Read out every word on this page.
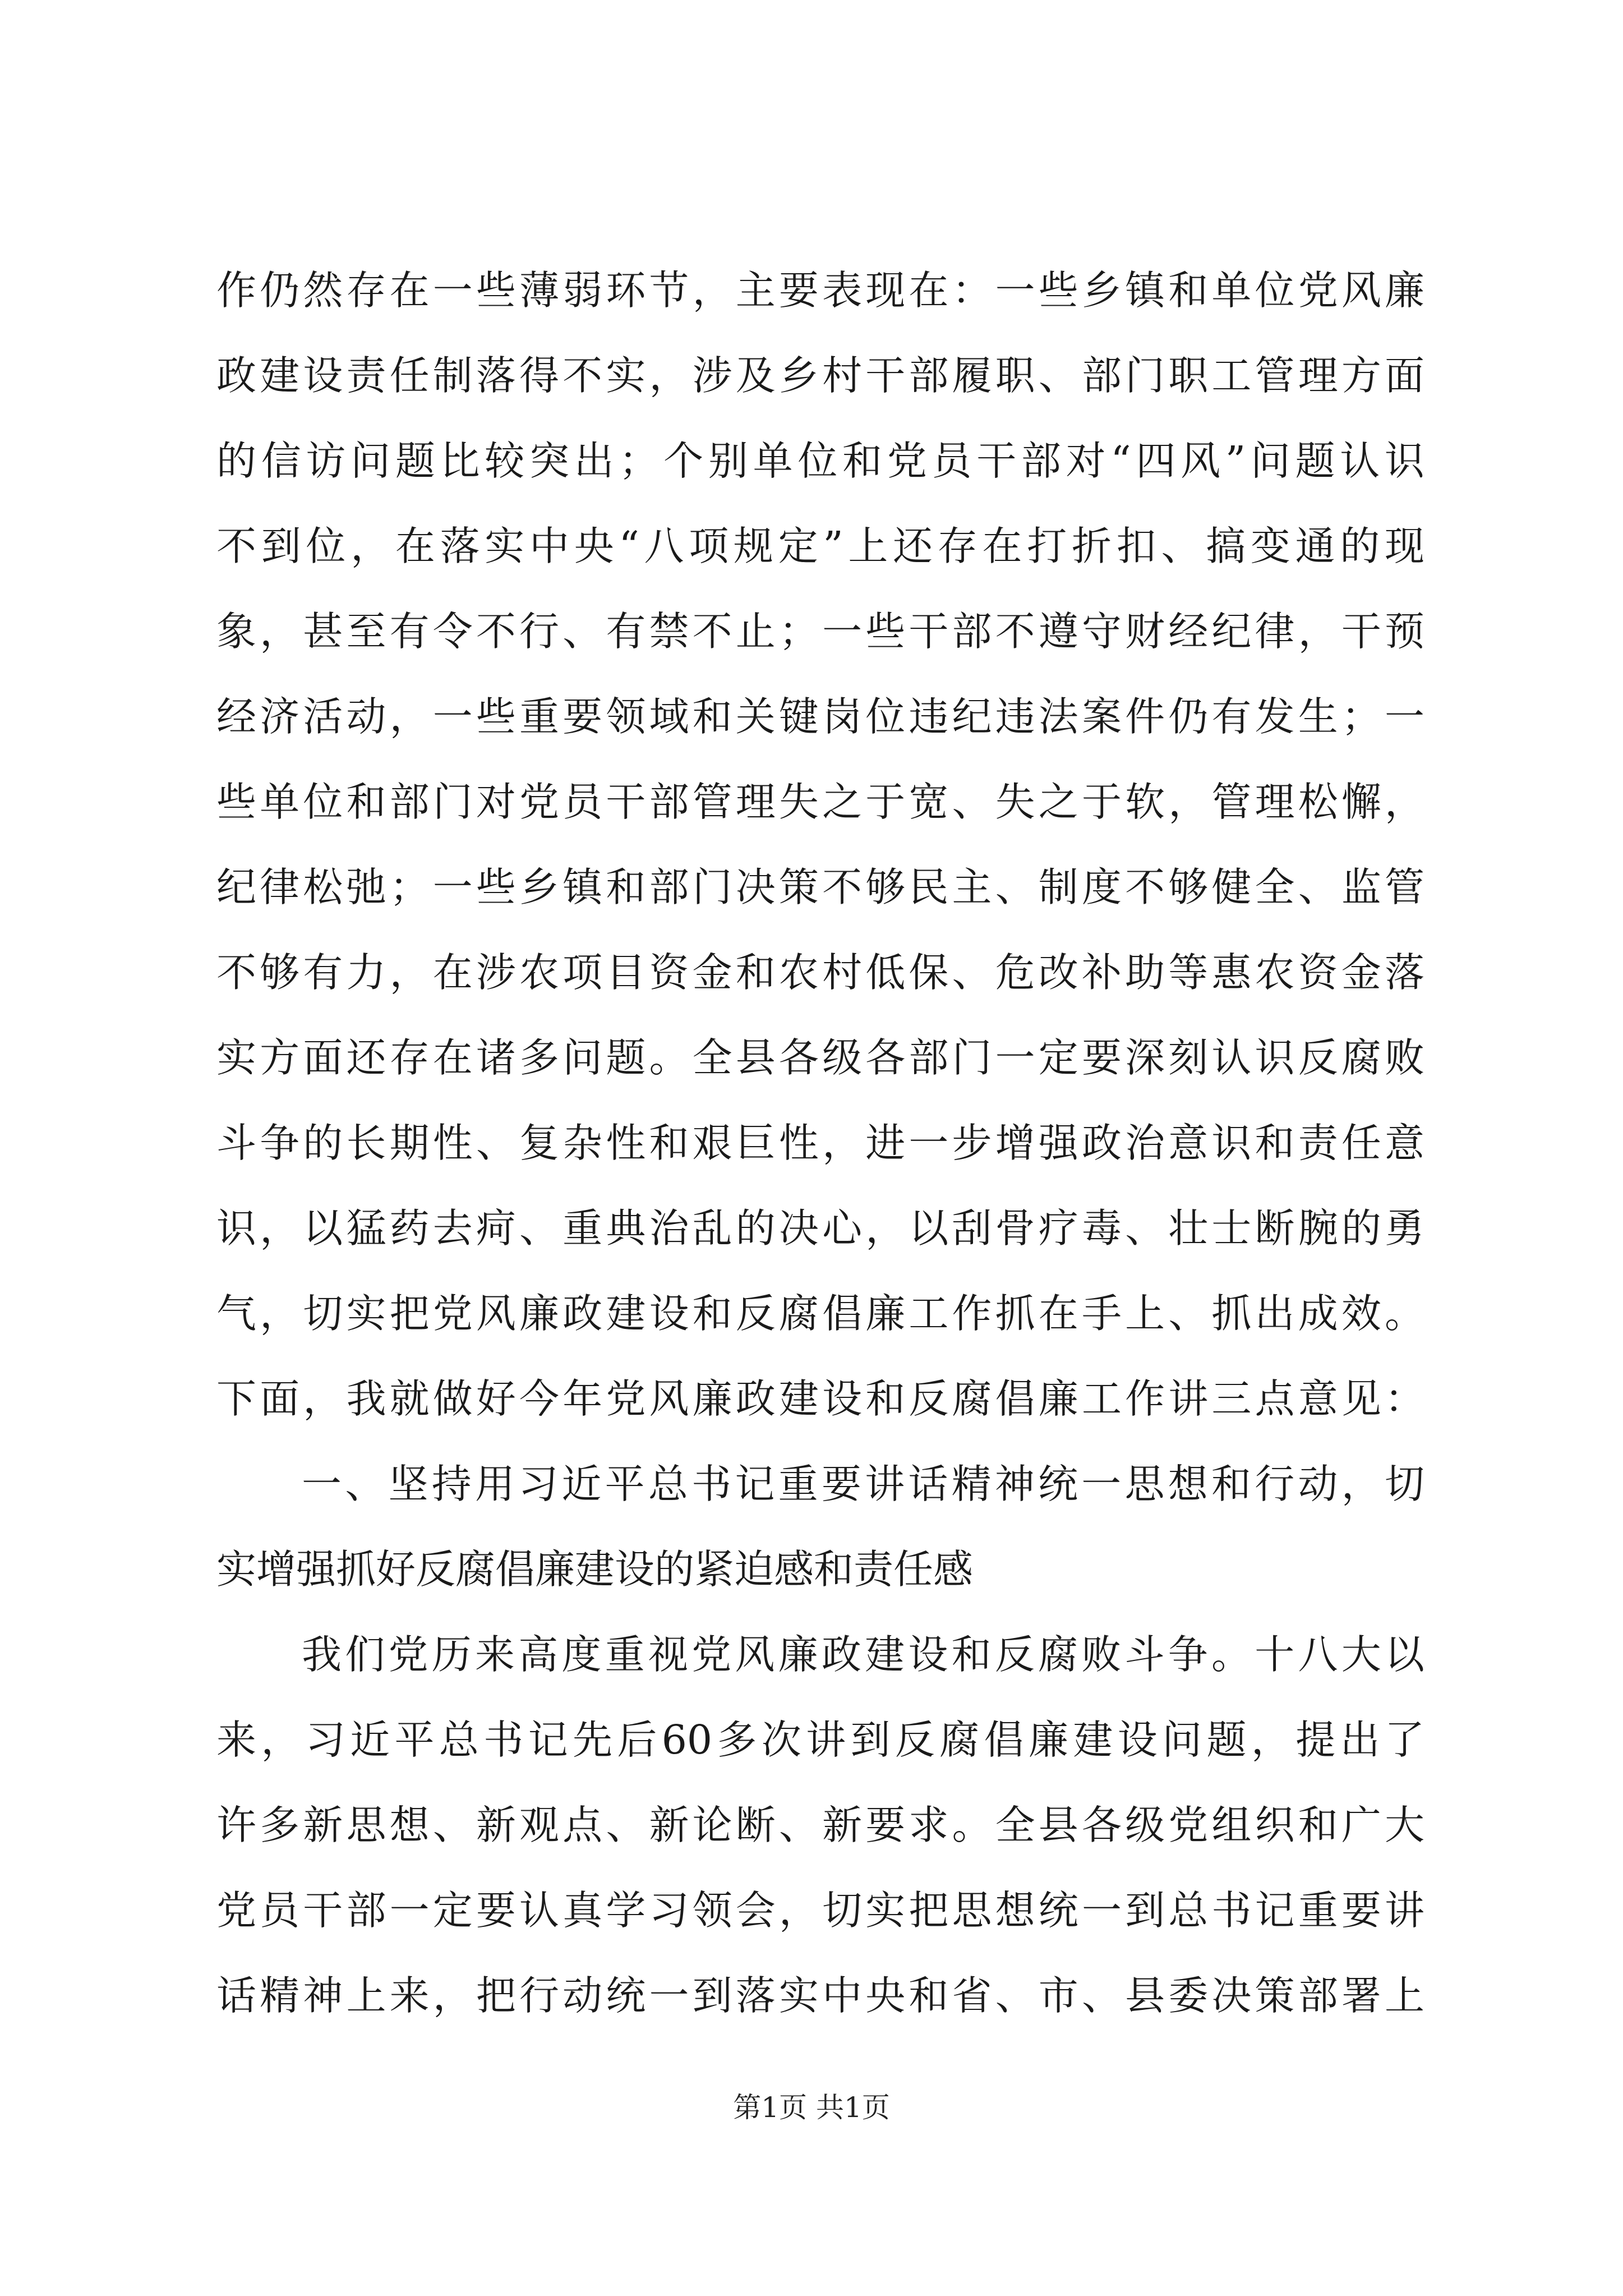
作仍然存在一些薄弱环节，主要表现在：一些乡镇和单位党风廉
政建设责任制落得不实，涉及乡村干部履职、部门职工管理方面
的信访问题比较突出；个别单位和党员干部对“四风”问题认识
不到位，在落实中央“八项规定”上还存在打折扣、搞变通的现
象，甚至有令不行、有禁不止；一些干部不遵守财经纪律，干预
经济活动，一些重要领域和关键岗位违纪违法案件仍有发生；一
些单位和部门对党员干部管理失之于宽、失之于软，管理松懈，
纪律松弛；一些乡镇和部门决策不够民主、制度不够健全、监管
不够有力，在涉农项目资金和农村低保、危改补助等惠农资金落
实方面还存在诸多问题。全县各级各部门一定要深刻认识反腐败
斗争的长期性、复杂性和艰巨性，进一步增强政治意识和责任意
识，以猛药去疴、重典治乱的决心，以刮骨疗毒、壮士断腕的勇
气，切实把党风廉政建设和反腐倡廉工作抓在手上、抓出成效。
下面，我就做好今年党风廉政建设和反腐倡廉工作讲三点意见：
一、坚持用习近平总书记重要讲话精神统一思想和行动，切
实增强抓好反腐倡廉建设的紧迫感和责任感
我们党历来高度重视党风廉政建设和反腐败斗争。十八大以
来，习近平总书记先后60多次讲到反腐倡廉建设问题，提出了
许多新思想、新观点、新论断、新要求。全县各级党组织和广大
党员干部一定要认真学习领会，切实把思想统一到总书记重要讲
话精神上来，把行动统一到落实中央和省、市、县委决策部署上
第1页 共1页
